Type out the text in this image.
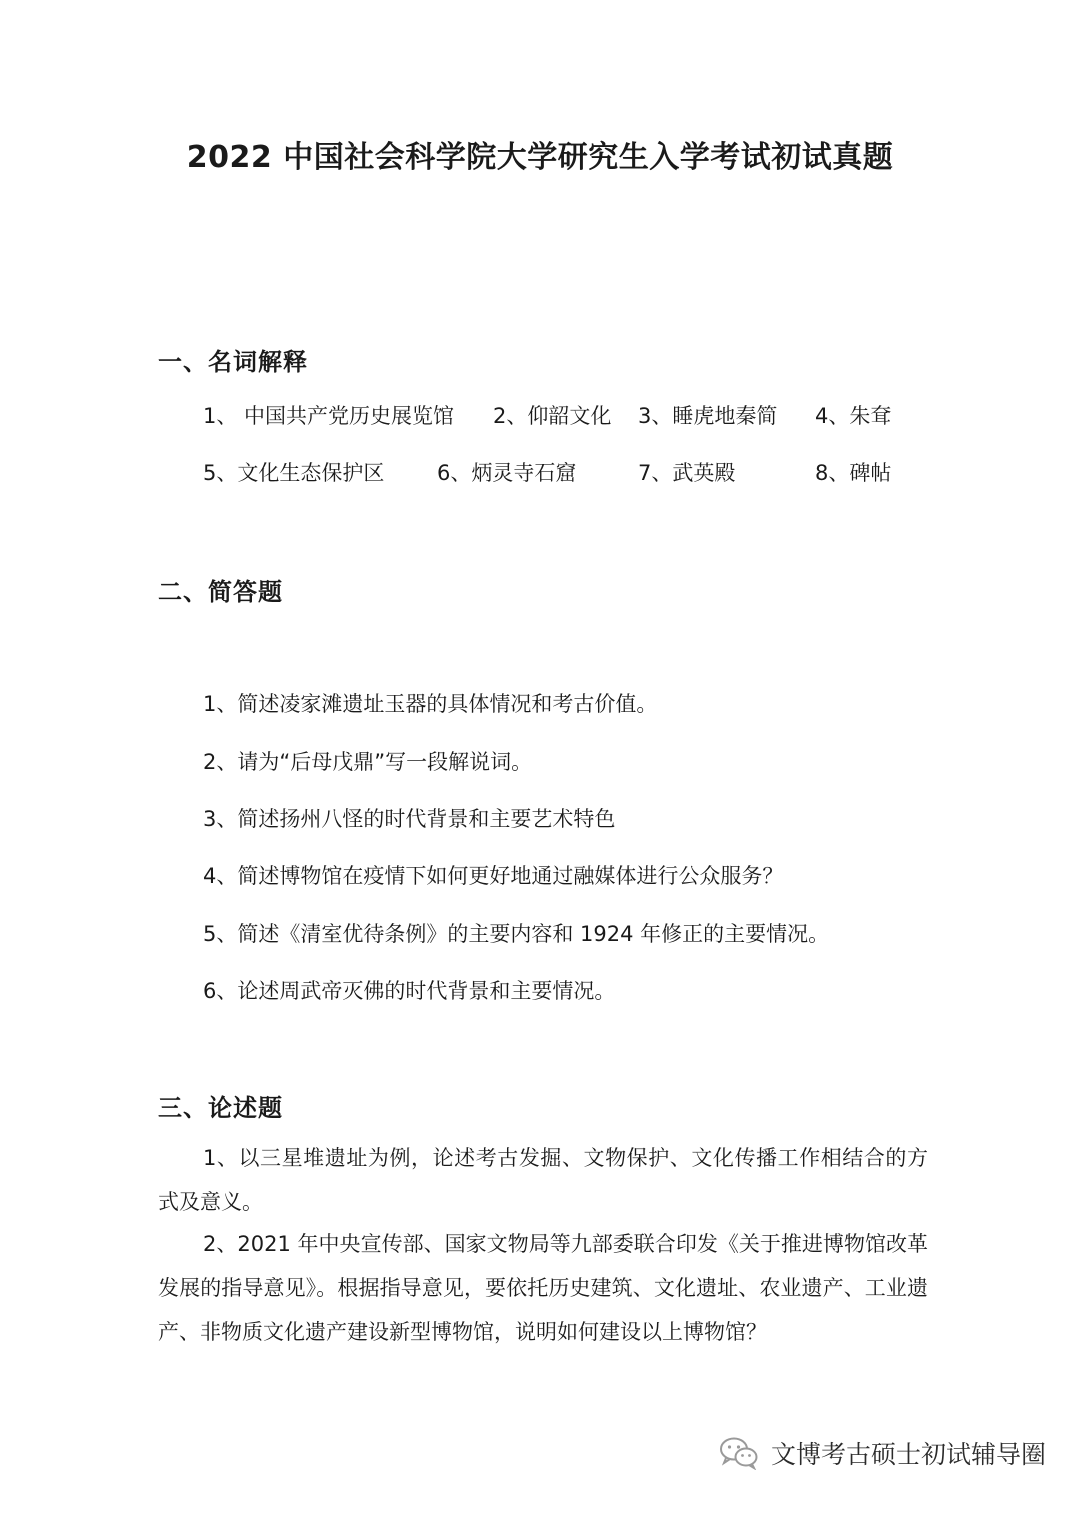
2022 中国社会科学院大学研究生入学考试初试真题
一、名词解释
1、 中国共产党历史展览馆 2、仰韶文化 3、睡虎地秦简 4、朱耷
5、文化生态保护区	6、炳灵寺石窟	7、武英殿	8、碑帖
二、简答题
1、简述凌家滩遗址玉器的具体情况和考古价值。
2、请为“后母戊鼎”写一段解说词。
3、简述扬州八怪的时代背景和主要艺术特色
4、简述博物馆在疫情下如何更好地通过融媒体进行公众服务？
5、简述《清室优待条例》的主要内容和 1924 年修正的主要情况。
6、论述周武帝灭佛的时代背景和主要情况。
三、论述题
1、以三星堆遗址为例，论述考古发掘、文物保护、文化传播工作相结合的方式及意义。
2、2021 年中央宣传部、国家文物局等九部委联合印发《关于推进博物馆改革发展的指导意见》。根据指导意见，要依托历史建筑、文化遗址、农业遗产、工业遗产、非物质文化遗产建设新型博物馆，说明如何建设以上博物馆？
文博考古硕士初试辅导圈
